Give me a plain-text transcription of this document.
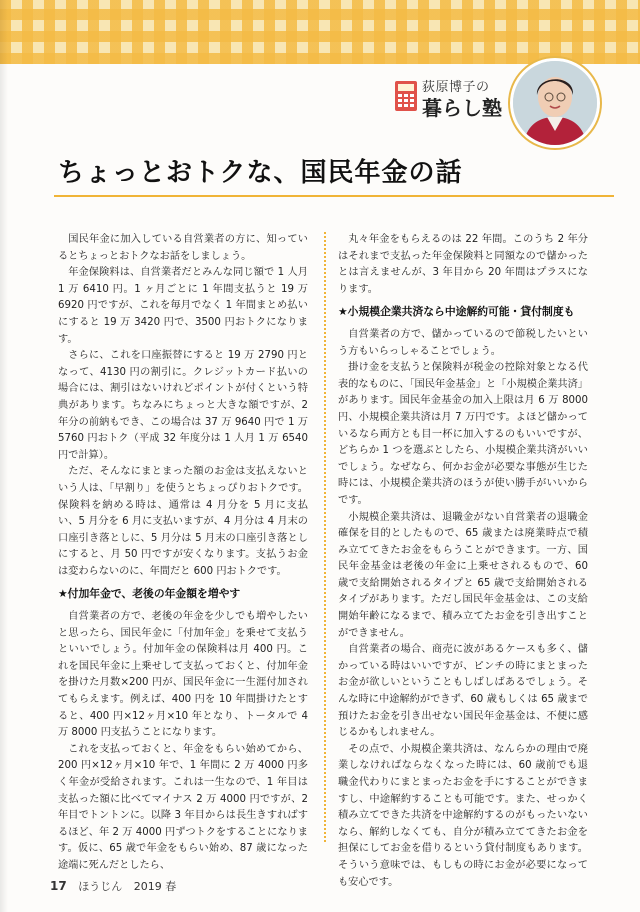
荻原博子の
暮らし塾
ちょっとおトクな、国民年金の話

国民年金に加入している自営業者の方に、知っているとちょっとおトクなお話をしましょう。

年金保険料は、自営業者だとみんな同じ額で 1 人月 1 万 6410 円。1 ヶ月ごとに 1 年間支払うと 19 万 6920 円ですが、これを毎月でなく 1 年間まとめ払いにすると 19 万 3420 円で、3500 円おトクになります。

さらに、これを口座振替にすると 19 万 2790 円となって、4130 円の割引に。クレジットカード払いの場合には、割引はないけれどポイントが付くという特典があります。ちなみにちょっと大きな額ですが、2 年分の前納もでき、この場合は 37 万 9640 円で 1 万 5760 円おトク（平成 32 年度分は 1 人月 1 万 6540 円で計算）。

ただ、そんなにまとまった額のお金は支払えないという人は、「早割り」を使うとちょっぴりおトクです。保険料を納める時は、通常は 4 月分を 5 月に支払い、5 月分を 6 月に支払いますが、4 月分は 4 月末の口座引き落としに、5 月分は 5 月末の口座引き落としにすると、月 50 円ですが安くなります。支払うお金は変わらないのに、年間だと 600 円おトクです。

★付加年金で、老後の年金額を増やす

自営業者の方で、老後の年金を少しでも増やしたいと思ったら、国民年金に「付加年金」を乗せて支払うといいでしょう。付加年金の保険料は月 400 円。これを国民年金に上乗せして支払っておくと、付加年金を掛けた月数×200 円が、国民年金に一生涯付加されてもらえます。例えば、400 円を 10 年間掛けたとすると、400 円×12ヶ月×10 年となり、トータルで 4 万 8000 円支払うことになります。

これを支払っておくと、年金をもらい始めてから、200 円×12ヶ月×10 年で、1 年間に 2 万 4000 円多く年金が受給されます。これは一生なので、1 年目は支払った額に比べてマイナス 2 万 4000 円ですが、2 年目でトントンに。以降 3 年目からは長生きすればするほど、年 2 万 4000 円ずつトクをすることになります。仮に、65 歳で年金をもらい始め、87 歳になった途端に死んだとしたら、

丸々年金をもらえるのは 22 年間。このうち 2 年分はそれまで支払った年金保険料と同額なので儲かったとは言えませんが、3 年目から 20 年間はプラスになります。

★小規模企業共済なら中途解約可能・貸付制度も

自営業者の方で、儲かっているので節税したいという方もいらっしゃることでしょう。

掛け金を支払うと保険料が税金の控除対象となる代表的なものに、「国民年金基金」と「小規模企業共済」があります。国民年金基金の加入上限は月 6 万 8000 円、小規模企業共済は月 7 万円です。よほど儲かっているなら両方とも目一杯に加入するのもいいですが、どちらか 1 つを選ぶとしたら、小規模企業共済がいいでしょう。なぜなら、何かお金が必要な事態が生じた時には、小規模企業共済のほうが使い勝手がいいからです。

小規模企業共済は、退職金がない自営業者の退職金確保を目的としたもので、65 歳または廃業時点で積み立ててきたお金をもらうことができます。一方、国民年金基金は老後の年金に上乗せされるもので、60 歳で支給開始されるタイプと 65 歳で支給開始されるタイプがあります。ただし国民年金基金は、この支給開始年齢になるまで、積み立てたお金を引き出すことができません。

自営業者の場合、商売に波があるケースも多く、儲かっている時はいいですが、ピンチの時にまとまったお金が欲しいということもしばしばあるでしょう。そんな時に中途解約ができず、60 歳もしくは 65 歳まで預けたお金を引き出せない国民年金基金は、不便に感じるかもしれません。

その点で、小規模企業共済は、なんらかの理由で廃業しなければならなくなった時には、60 歳前でも退職金代わりにまとまったお金を手にすることができますし、中途解約することも可能です。また、せっかく積み立てできた共済を中途解約するのがもったいないなら、解約しなくても、自分が積み立ててきたお金を担保にしてお金を借りるという貸付制度もあります。そういう意味では、もしもの時にお金が必要になっても安心です。

17 ほうじん 2019 春
